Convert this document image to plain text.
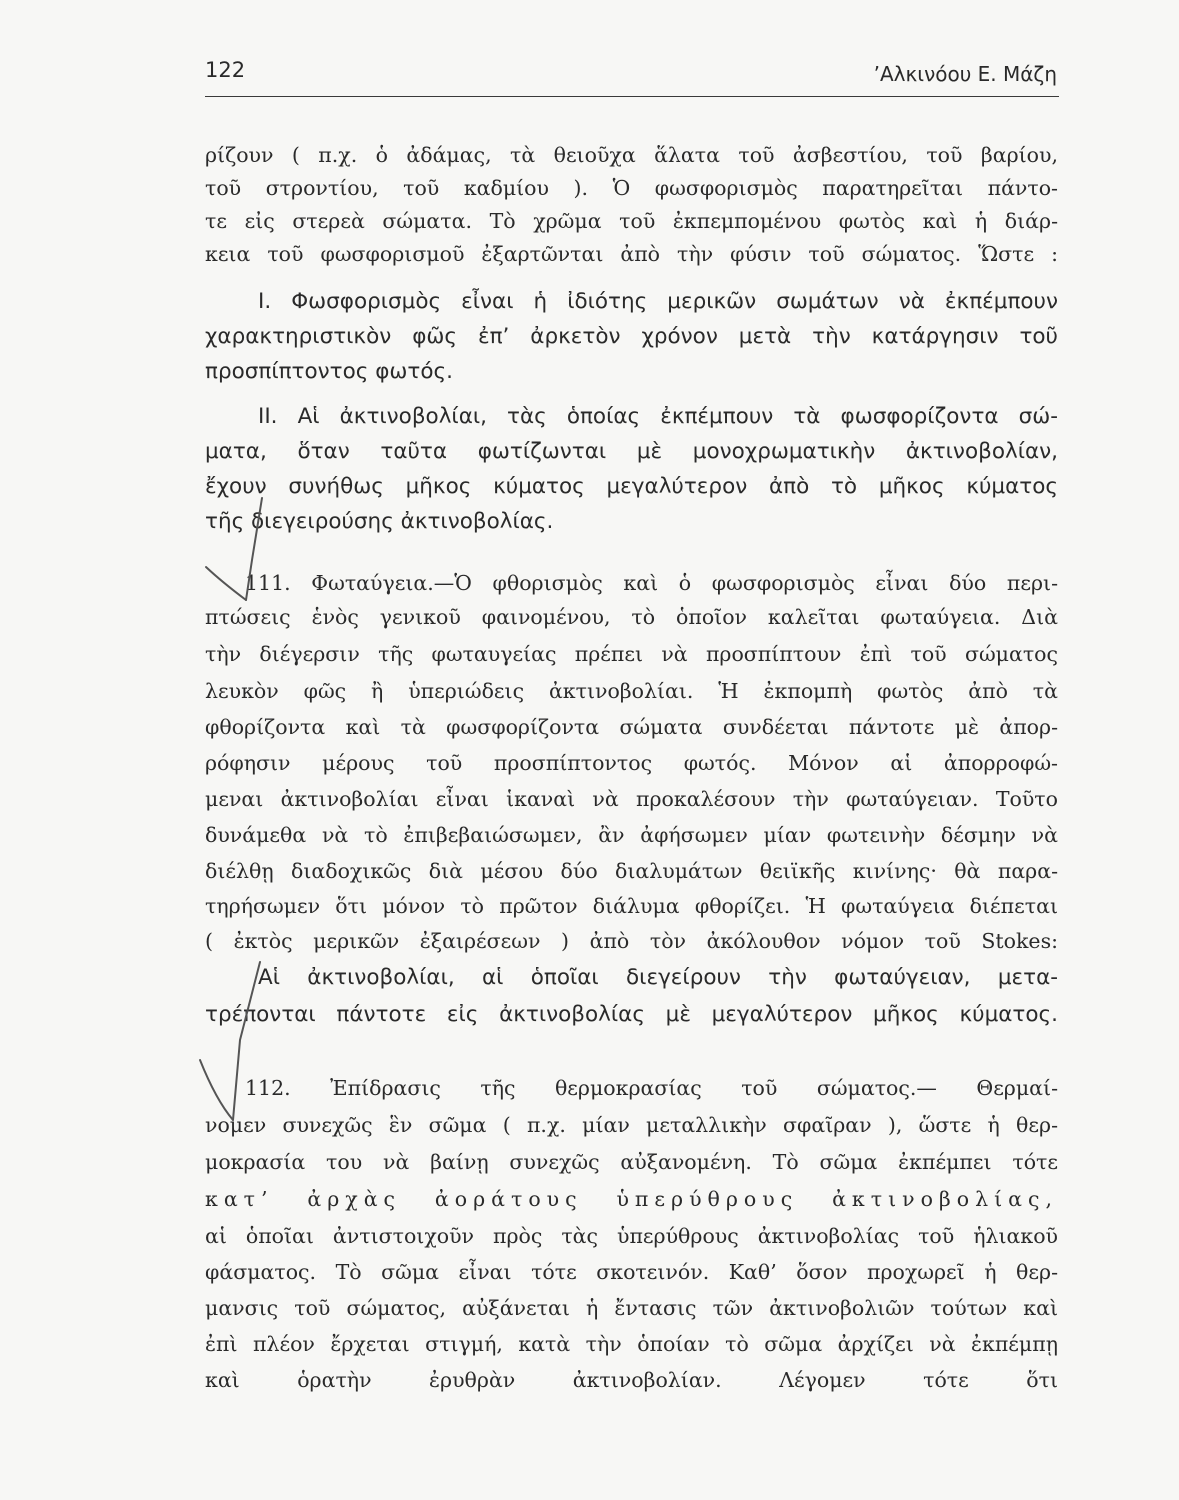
122	’Αλκινόου Ε. Μάζη
ρίζουν ( π.χ. ὁ ἀδάμας, τὰ θειοῦχα ἅλατα τοῦ ἀσβεστίου, τοῦ βαρίου,
τοῦ στροντίου, τοῦ καδμίου ). Ὁ φωσφορισμὸς παρατηρεῖται πάντο-
τε εἰς στερεὰ σώματα. Τὸ χρῶμα τοῦ ἐκπεμπομένου φωτὸς καὶ ἡ διάρ-
κεια τοῦ φωσφορισμοῦ ἐξαρτῶνται ἀπὸ τὴν φύσιν τοῦ σώματος. Ὥστε :
I. Φωσφορισμὸς εἶναι ἡ ἰδιότης μερικῶν σωμάτων νὰ ἐκπέμπουν
χαρακτηριστικὸν φῶς ἐπ’ ἀρκετὸν χρόνον μετὰ τὴν κατάργησιν τοῦ
προσπίπτοντος φωτός.
II. Αἱ ἀκτινοβολίαι, τὰς ὁποίας ἐκπέμπουν τὰ φωσφορίζοντα σώ-
ματα, ὅταν ταῦτα φωτίζωνται μὲ μονοχρωματικὴν ἀκτινοβολίαν,
ἔχουν συνήθως μῆκος κύματος μεγαλύτερον ἀπὸ τὸ μῆκος κύματος
τῆς διεγειρούσης ἀκτινοβολίας.
111. Φωταύγεια.—Ὁ φθορισμὸς καὶ ὁ φωσφορισμὸς εἶναι δύο περι-
πτώσεις ἑνὸς γενικοῦ φαινομένου, τὸ ὁποῖον καλεῖται φωταύγεια. Διὰ
τὴν διέγερσιν τῆς φωταυγείας πρέπει νὰ προσπίπτουν ἐπὶ τοῦ σώματος
λευκὸν φῶς ἢ ὑπεριώδεις ἀκτινοβολίαι. Ἡ ἐκπομπὴ φωτὸς ἀπὸ τὰ
φθορίζοντα καὶ τὰ φωσφορίζοντα σώματα συνδέεται πάντοτε μὲ ἀπορ-
ρόφησιν μέρους τοῦ προσπίπτοντος φωτός. Μόνον αἱ ἀπορροφώ-
μεναι ἀκτινοβολίαι εἶναι ἱκαναὶ νὰ προκαλέσουν τὴν φωταύγειαν. Τοῦτο
δυνάμεθα νὰ τὸ ἐπιβεβαιώσωμεν, ἂν ἀφήσωμεν μίαν φωτεινὴν δέσμην νὰ
διέλθῃ διαδοχικῶς διὰ μέσου δύο διαλυμάτων θειϊκῆς κινίνης· θὰ παρα-
τηρήσωμεν ὅτι μόνον τὸ πρῶτον διάλυμα φθορίζει. Ἡ φωταύγεια διέπεται
( ἐκτὸς μερικῶν ἐξαιρέσεων ) ἀπὸ τὸν ἀκόλουθον νόμον τοῦ Stokes:
Αἱ ἀκτινοβολίαι, αἱ ὁποῖαι διεγείρουν τὴν φωταύγειαν, μετα-
τρέπονται πάντοτε εἰς ἀκτινοβολίας μὲ μεγαλύτερον μῆκος κύματος.
112. Ἐπίδρασις τῆς θερμοκρασίας τοῦ σώματος.— Θερμαί-
νομεν συνεχῶς ἓν σῶμα ( π.χ. μίαν μεταλλικὴν σφαῖραν ), ὥστε ἡ θερ-
μοκρασία του νὰ βαίνῃ συνεχῶς αὐξανομένη. Τὸ σῶμα ἐκπέμπει τότε
κατ’ ἀρχὰς ἀοράτους ὑπερύθρους ἀκτινοβολίας,
αἱ ὁποῖαι ἀντιστοιχοῦν πρὸς τὰς ὑπερύθρους ἀκτινοβολίας τοῦ ἡλιακοῦ
φάσματος. Τὸ σῶμα εἶναι τότε σκοτεινόν. Καθ’ ὅσον προχωρεῖ ἡ θερ-
μανσις τοῦ σώματος, αὐξάνεται ἡ ἔντασις τῶν ἀκτινοβολιῶν τούτων καὶ
ἐπὶ πλέον ἔρχεται στιγμή, κατὰ τὴν ὁποίαν τὸ σῶμα ἀρχίζει νὰ ἐκπέμπῃ
καὶ ὁρατὴν ἐρυθρὰν ἀκτινοβολίαν. Λέγομεν τότε ὅτι
